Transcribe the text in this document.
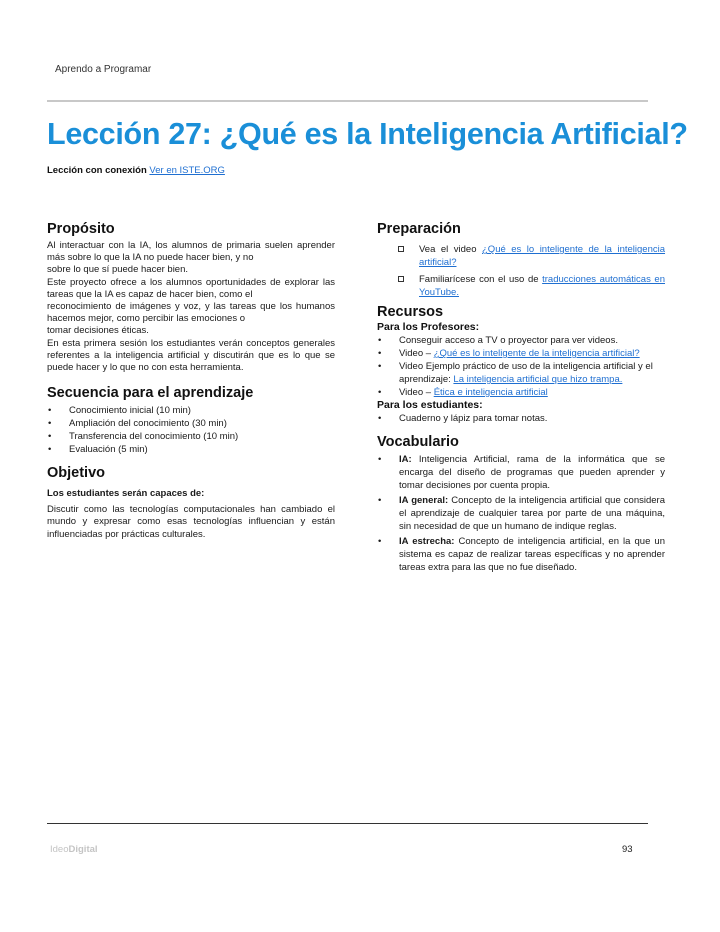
Aprendo a Programar
Lección 27: ¿Qué es la Inteligencia Artificial?
Lección con conexión Ver en ISTE.ORG
Propósito

Al interactuar con la IA, los alumnos de primaria suelen aprender más sobre lo que la IA no puede hacer bien, y no

sobre lo que sí puede hacer bien.

Este proyecto ofrece a los alumnos oportunidades de explorar las tareas que la IA es capaz de hacer bien, como el

reconocimiento de imágenes y voz, y las tareas que los humanos hacemos mejor, como percibir las emociones o

tomar decisiones éticas.

En esta primera sesión los estudiantes verán conceptos generales referentes a la inteligencia artificial y discutirán que es lo que se puede hacer y lo que no con esta herramienta.

Secuencia para el aprendizaje
• Conocimiento inicial (10 min)
• Ampliación del conocimiento (30 min)
• Transferencia del conocimiento (10 min)
• Evaluación (5 min)
Objetivo
Los estudiantes serán capaces de:

Discutir como las tecnologías computacionales han cambiado el mundo y expresar como esas tecnologías influencian y están influenciadas por prácticas culturales.

Preparación
Vea el video ¿Qué es lo inteligente de la inteligencia artificial?
Familiarícese con el uso de traducciones automáticas en YouTube.
Recursos
Para los Profesores:
• Conseguir acceso a TV o proyector para ver videos.
• Video – ¿Qué es lo inteligente de la inteligencia artificial?
• Video Ejemplo práctico de uso de la inteligencia artificial y el aprendizaje: La inteligencia artificial que hizo trampa.
• Video – Ética e inteligencia artificial
Para los estudiantes:
• Cuaderno y lápiz para tomar notas.
Vocabulario
• IA: Inteligencia Artificial, rama de la informática que se encarga del diseño de programas que pueden aprender y tomar decisiones por cuenta propia.
• IA general: Concepto de la inteligencia artificial que considera el aprendizaje de cualquier tarea por parte de una máquina, sin necesidad de que un humano de indique reglas.
• IA estrecha: Concepto de inteligencia artificial, en la que un sistema es capaz de realizar tareas específicas y no aprender tareas extra para las que no fue diseñado.
IdeoDigital	93
